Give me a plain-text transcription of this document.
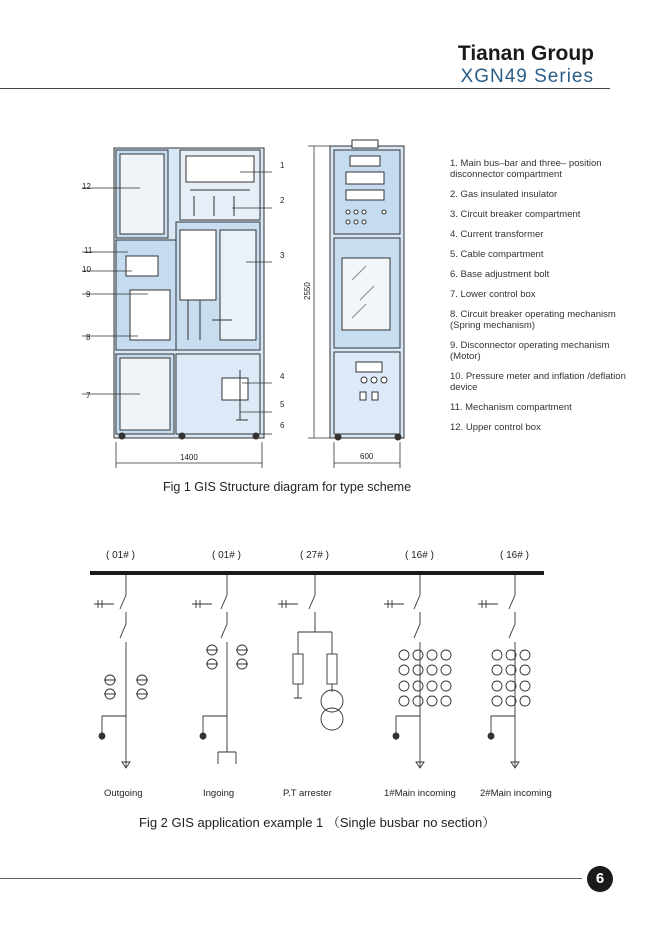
Tianan Group
XGN49 Series
1
2
3
4
5
6
7
8
9
10
11
12
1400
2550
600
( 01# )	( 01# )	( 27# )	( 16# )	( 16# )
Outgoing	Ingoing	P.T arrester	1#Main incoming	2#Main incoming
1. Main bus–bar and three– position disconnector compartment
2. Gas insulated insulator
3. Circuit breaker compartment
4. Current transformer
5. Cable compartment
6. Base adjustment bolt
7. Lower control box
8. Circuit breaker operating mechanism (Spring mechanism)
9. Disconnector operating mechanism (Motor)
10. Pressure meter and inflation /deflation device
11. Mechanism compartment
12. Upper control box
Fig 1 GIS Structure diagram for type scheme
Fig 2 GIS application example 1 （Single busbar no section）
6
